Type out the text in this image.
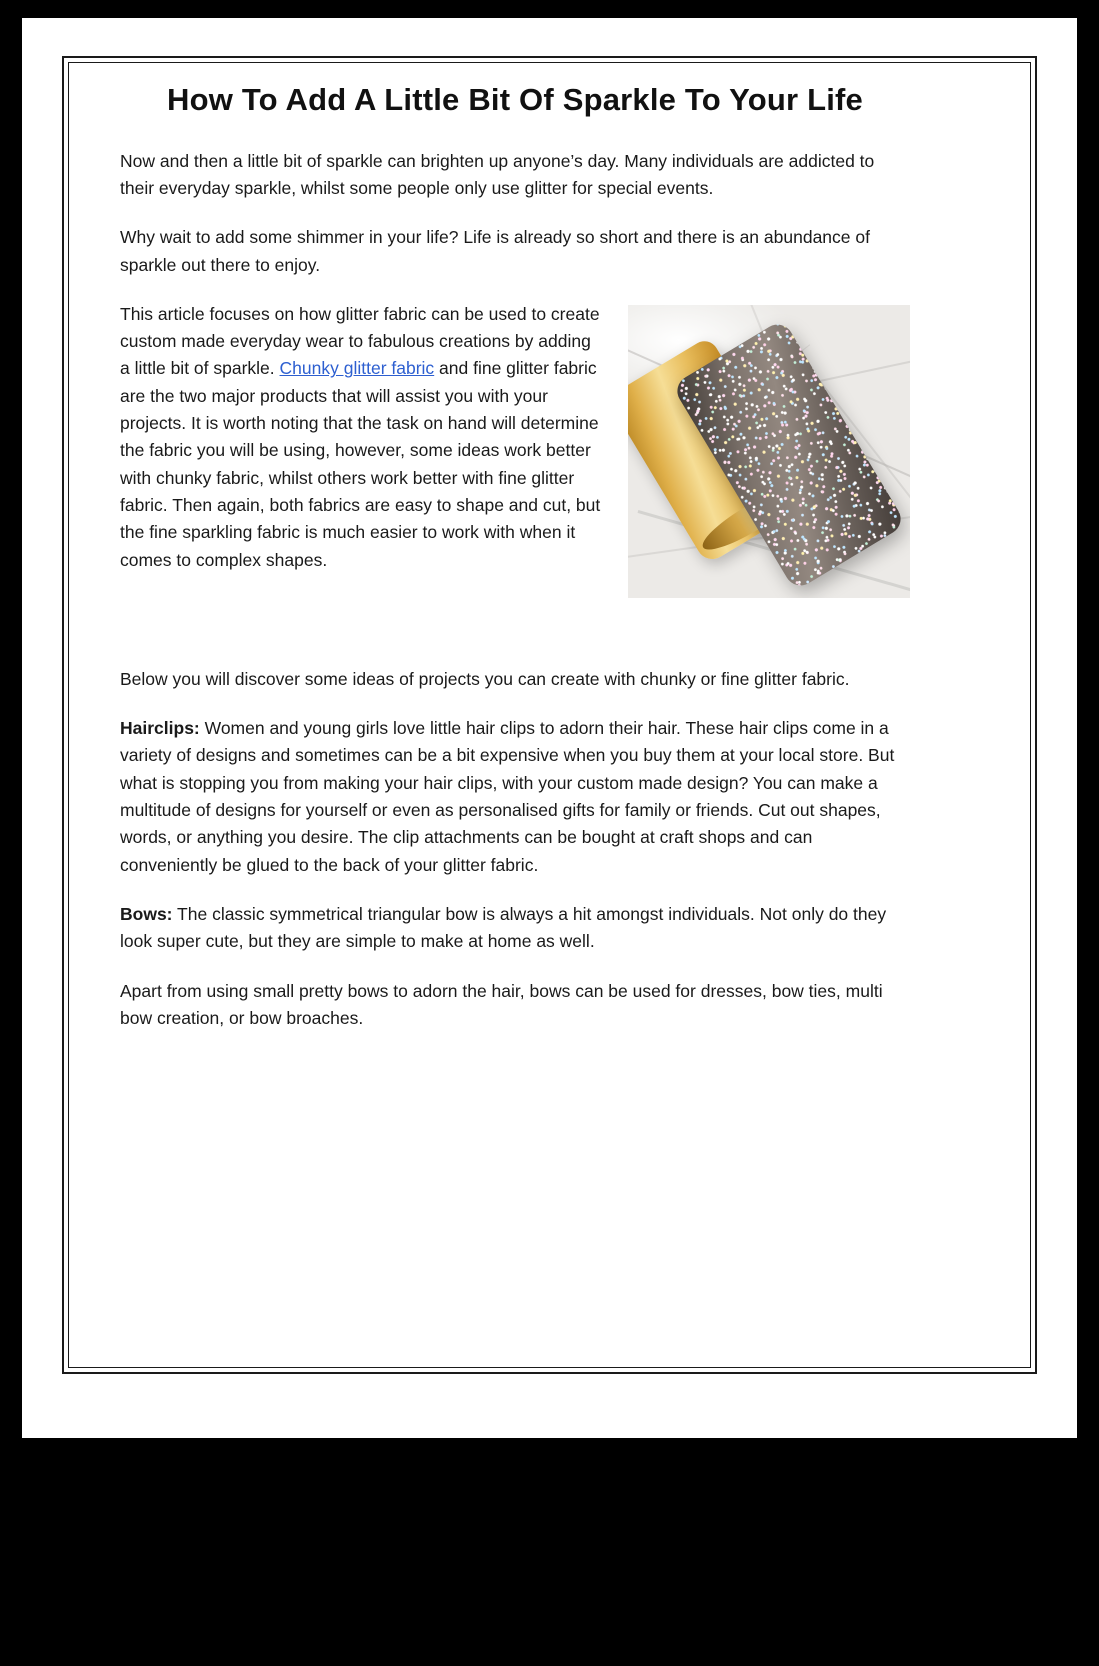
How To Add A Little Bit Of Sparkle To Your Life

Now and then a little bit of sparkle can brighten up anyone’s day. Many individuals are addicted to their everyday sparkle, whilst some people only use glitter for special events.

Why wait to add some shimmer in your life? Life is already so short and there is an abundance of sparkle out there to enjoy.

This article focuses on how glitter fabric can be used to create custom made everyday wear to fabulous creations by adding a little bit of sparkle. Chunky glitter fabric and fine glitter fabric are the two major products that will assist you with your projects. It is worth noting that the task on hand will determine the fabric you will be using, however, some ideas work better with chunky fabric, whilst others work better with fine glitter fabric. Then again, both fabrics are easy to shape and cut, but the fine sparkling fabric is much easier to work with when it comes to complex shapes.

Below you will discover some ideas of projects you can create with chunky or fine glitter fabric.

Hairclips: Women and young girls love little hair clips to adorn their hair. These hair clips come in a variety of designs and sometimes can be a bit expensive when you buy them at your local store. But what is stopping you from making your hair clips, with your custom made design? You can make a multitude of designs for yourself or even as personalised gifts for family or friends. Cut out shapes, words, or anything you desire. The clip attachments can be bought at craft shops and can conveniently be glued to the back of your glitter fabric.

Bows: The classic symmetrical triangular bow is always a hit amongst individuals. Not only do they look super cute, but they are simple to make at home as well.

Apart from using small pretty bows to adorn the hair, bows can be used for dresses, bow ties, multi bow creation, or bow broaches.
